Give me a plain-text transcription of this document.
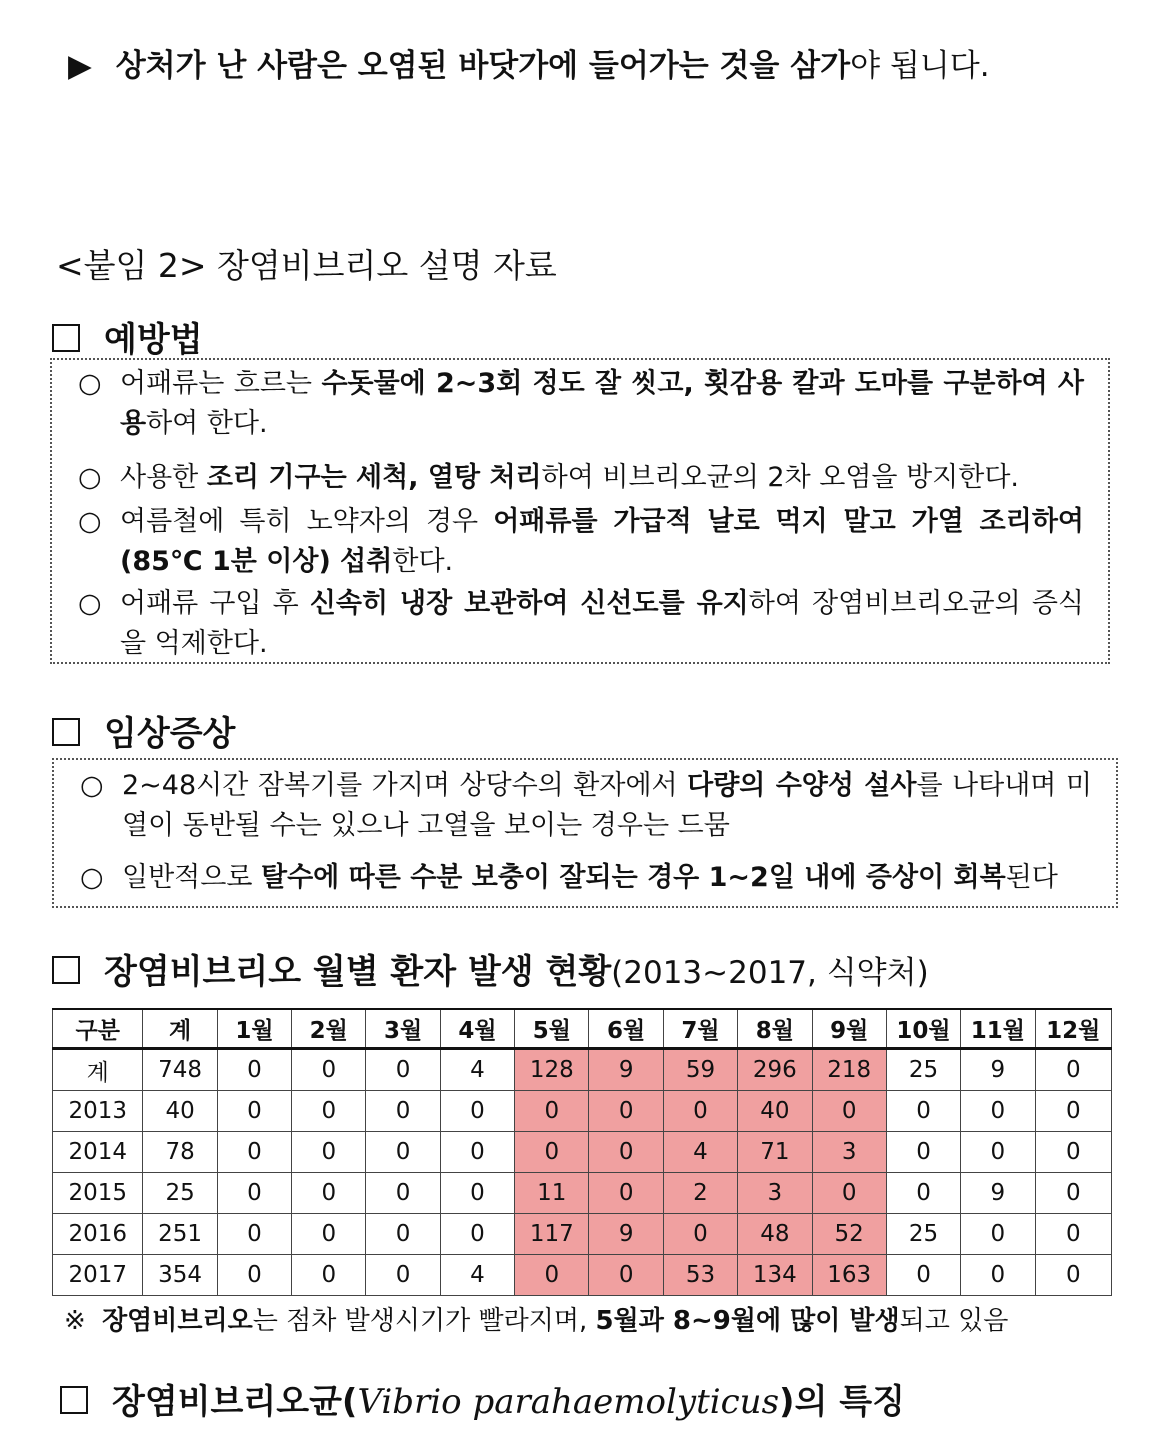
▶ 상처가 난 사람은 오염된 바닷가에 들어가는 것을 삼가야 됩니다.
<붙임 2> 장염비브리오 설명 자료
예방법
○ 어패류는 흐르는 수돗물에 2~3회 정도 잘 씻고, 횟감용 칼과 도마를 구분하여 사용하여 한다.
○ 사용한 조리 기구는 세척, 열탕 처리하여 비브리오균의 2차 오염을 방지한다.
○ 여름철에 특히 노약자의 경우 어패류를 가급적 날로 먹지 말고 가열 조리하여 (85℃ 1분 이상) 섭취한다.
○ 어패류 구입 후 신속히 냉장 보관하여 신선도를 유지하여 장염비브리오균의 증식을 억제한다.
임상증상
○ 2~48시간 잠복기를 가지며 상당수의 환자에서 다량의 수양성 설사를 나타내며 미열이 동반될 수는 있으나 고열을 보이는 경우는 드뭄
○ 일반적으로 탈수에 따른 수분 보충이 잘되는 경우 1~2일 내에 증상이 회복된다
장염비브리오 월별 환자 발생 현황(2013~2017, 식약처)
구분	계	1월	2월	3월	4월	5월	6월	7월	8월	9월	10월	11월	12월
계	748	0	0	0	4	128	9	59	296	218	25	9	0
2013	40	0	0	0	0	0	0	0	40	0	0	0	0
2014	78	0	0	0	0	0	0	4	71	3	0	0	0
2015	25	0	0	0	0	11	0	2	3	0	0	9	0
2016	251	0	0	0	0	117	9	0	48	52	25	0	0
2017	354	0	0	0	4	0	0	53	134	163	0	0	0
※ 장염비브리오는 점차 발생시기가 빨라지며, 5월과 8~9월에 많이 발생되고 있음
장염비브리오균(Vibrio parahaemolyticus)의 특징
